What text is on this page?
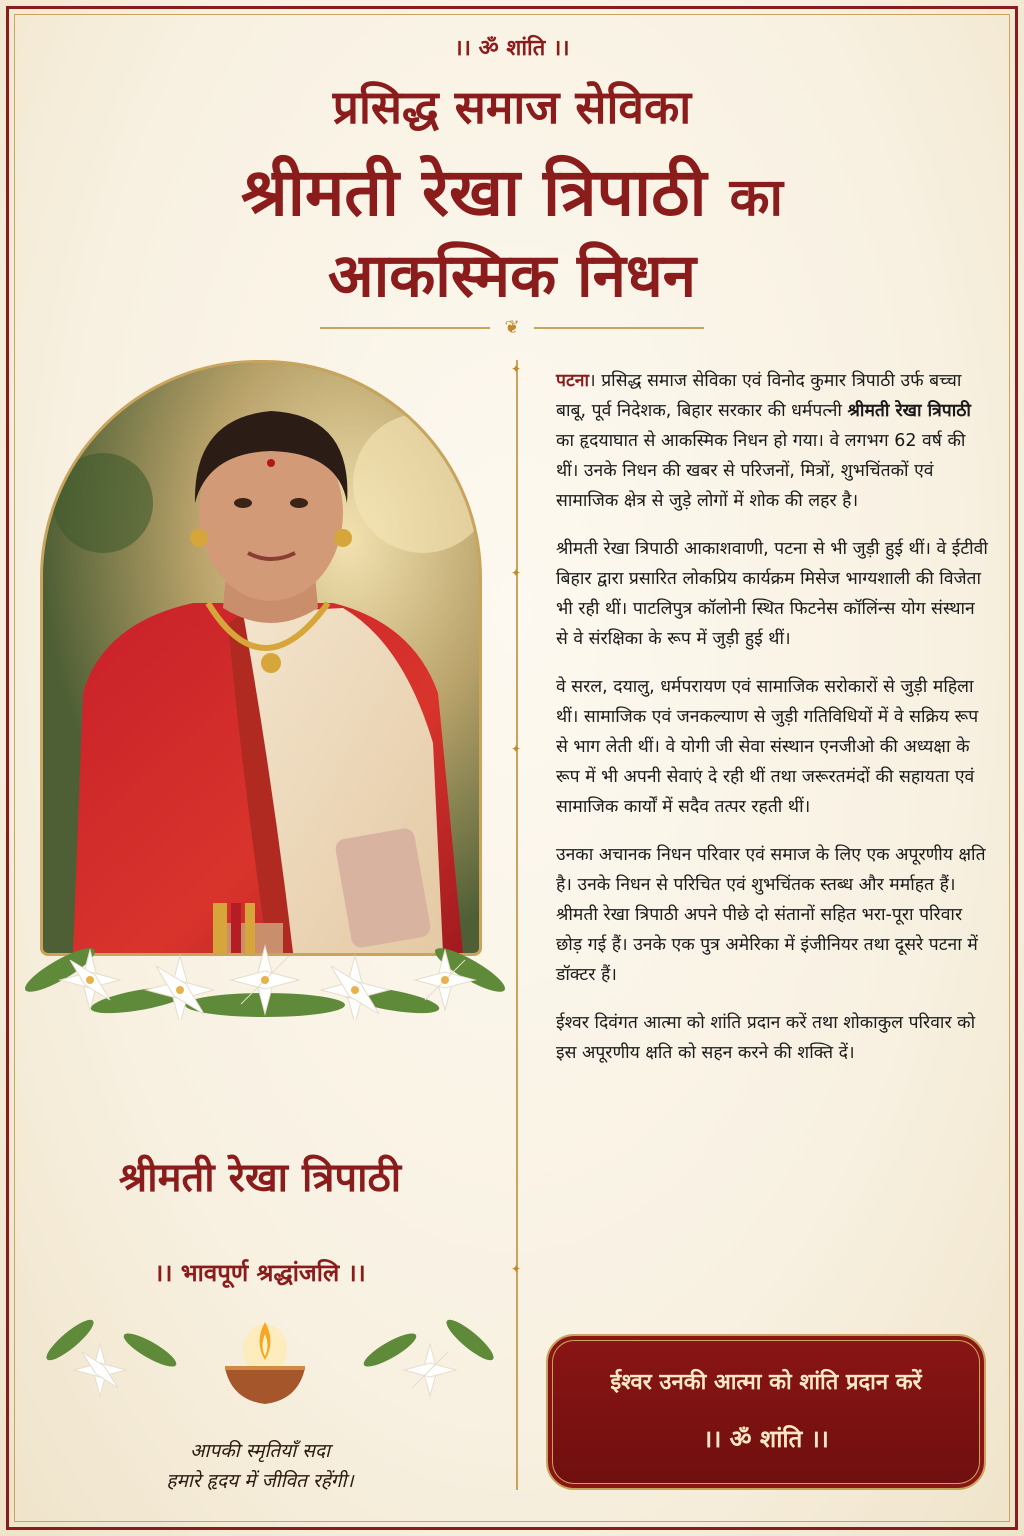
।। ॐ शांति ।।
प्रसिद्ध समाज सेविका
श्रीमती रेखा त्रिपाठी का
आकस्मिक निधन
❦
श्रीमती रेखा त्रिपाठी
।। भावपूर्ण श्रद्धांजलि ।।
आपकी स्मृतियाँ सदा
हमारे हृदय में जीवित रहेंगी।
✦
✦
✦
✦

पटना। प्रसिद्ध समाज सेविका एवं विनोद कुमार त्रिपाठी उर्फ बच्चा बाबू, पूर्व निदेशक, बिहार सरकार की धर्मपत्नी श्रीमती रेखा त्रिपाठी का हृदयाघात से आकस्मिक निधन हो गया। वे लगभग 62 वर्ष की थीं। उनके निधन की खबर से परिजनों, मित्रों, शुभचिंतकों एवं सामाजिक क्षेत्र से जुड़े लोगों में शोक की लहर है।

श्रीमती रेखा त्रिपाठी आकाशवाणी, पटना से भी जुड़ी हुई थीं। वे ईटीवी बिहार द्वारा प्रसारित लोकप्रिय कार्यक्रम मिसेज भाग्यशाली की विजेता भी रही थीं। पाटलिपुत्र कॉलोनी स्थित फिटनेस कॉलिंन्स योग संस्थान से वे संरक्षिका के रूप में जुड़ी हुई थीं।

वे सरल, दयालु, धर्मपरायण एवं सामाजिक सरोकारों से जुड़ी महिला थीं। सामाजिक एवं जनकल्याण से जुड़ी गतिविधियों में वे सक्रिय रूप से भाग लेती थीं। वे योगी जी सेवा संस्थान एनजीओ की अध्यक्षा के रूप में भी अपनी सेवाएं दे रही थीं तथा जरूरतमंदों की सहायता एवं सामाजिक कार्यों में सदैव तत्पर रहती थीं।

उनका अचानक निधन परिवार एवं समाज के लिए एक अपूरणीय क्षति है। उनके निधन से परिचित एवं शुभचिंतक स्तब्ध और मर्माहत हैं। श्रीमती रेखा त्रिपाठी अपने पीछे दो संतानों सहित भरा-पूरा परिवार छोड़ गई हैं। उनके एक पुत्र अमेरिका में इंजीनियर तथा दूसरे पटना में डॉक्टर हैं।

ईश्वर दिवंगत आत्मा को शांति प्रदान करें तथा शोकाकुल परिवार को इस अपूरणीय क्षति को सहन करने की शक्ति दें।

ईश्वर उनकी आत्मा को शांति प्रदान करें
।। ॐ शांति ।।
